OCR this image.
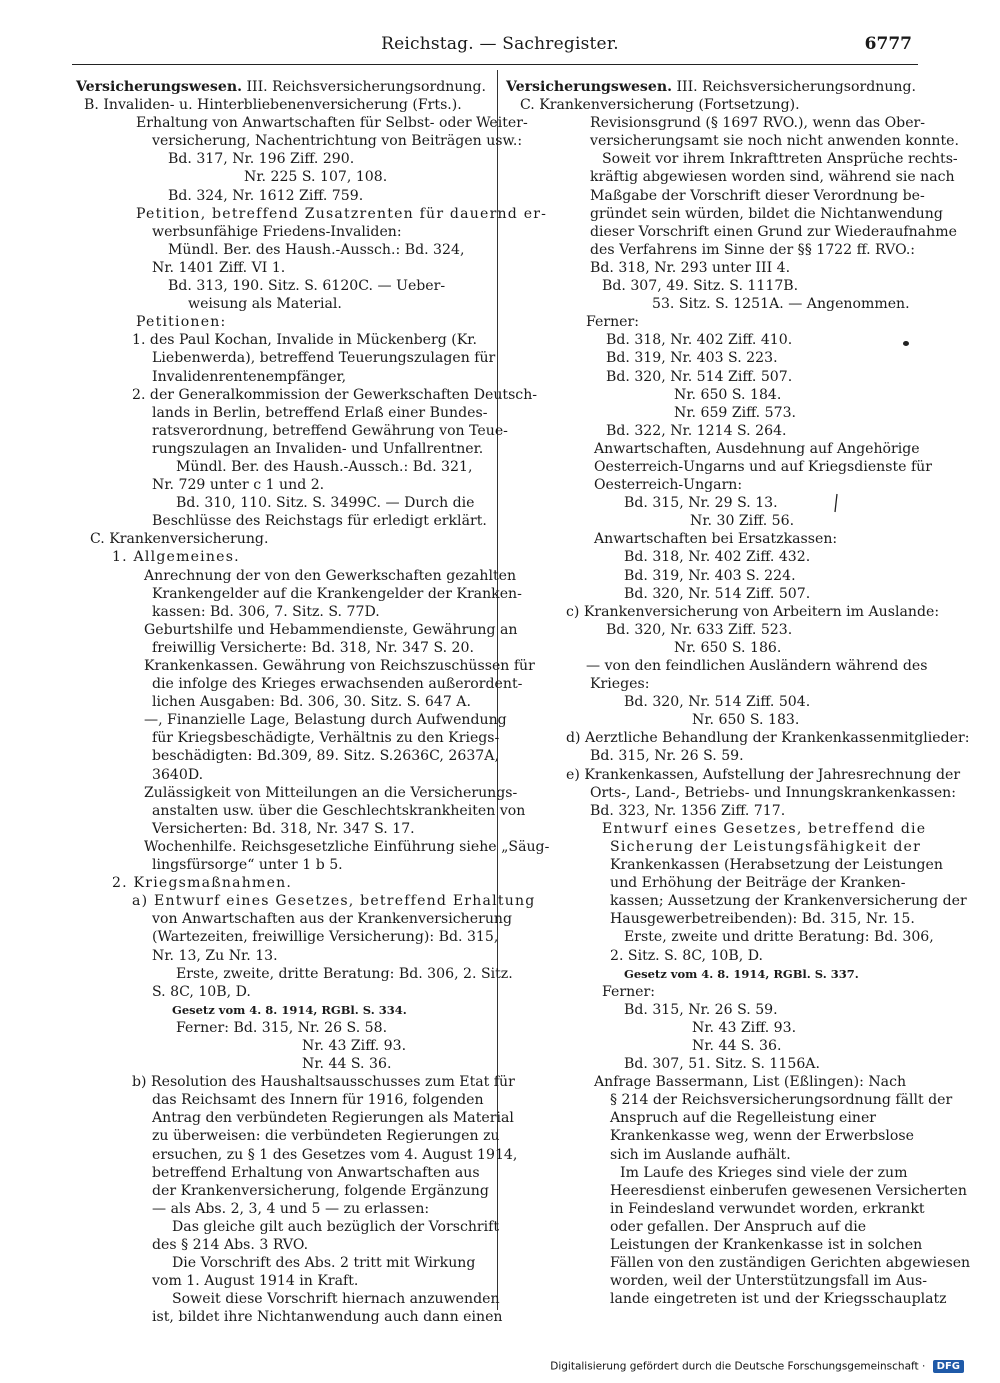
Reichstag. — Sachregister.	6777
Versicherungswesen. III. Reichsversicherungsordnung.
B. Invaliden- u. Hinterbliebenenversicherung (Frts.).
Erhaltung von Anwartschaften für Selbst- oder Weiter-
versicherung, Nachentrichtung von Beiträgen usw.:
Bd. 317, Nr. 196 Ziff. 290.
Nr. 225 S. 107, 108.
Bd. 324, Nr. 1612 Ziff. 759.
Petition, betreffend Zusatzrenten für dauernd er-
werbsunfähige Friedens-Invaliden:
Mündl. Ber. des Haush.-Aussch.: Bd. 324,
Nr. 1401 Ziff. VI 1.
Bd. 313, 190. Sitz. S. 6120C. — Ueber-
weisung als Material.
Petitionen:
1. des Paul Kochan, Invalide in Mückenberg (Kr.
Liebenwerda), betreffend Teuerungszulagen für
Invalidenrentenempfänger,
2. der Generalkommission der Gewerkschaften Deutsch-
lands in Berlin, betreffend Erlaß einer Bundes-
ratsverordnung, betreffend Gewährung von Teue-
rungszulagen an Invaliden- und Unfallrentner.
Mündl. Ber. des Haush.-Aussch.: Bd. 321,
Nr. 729 unter c 1 und 2.
Bd. 310, 110. Sitz. S. 3499C. — Durch die
Beschlüsse des Reichstags für erledigt erklärt.
C. Krankenversicherung.
1. Allgemeines.
Anrechnung der von den Gewerkschaften gezahlten
Krankengelder auf die Krankengelder der Kranken-
kassen: Bd. 306, 7. Sitz. S. 77D.
Geburtshilfe und Hebammendienste, Gewährung an
freiwillig Versicherte: Bd. 318, Nr. 347 S. 20.
Krankenkassen. Gewährung von Reichszuschüssen für
die infolge des Krieges erwachsenden außerordent-
lichen Ausgaben: Bd. 306, 30. Sitz. S. 647 A.
—, Finanzielle Lage, Belastung durch Aufwendung
für Kriegsbeschädigte, Verhältnis zu den Kriegs-
beschädigten: Bd.309, 89. Sitz. S.2636C, 2637A,
3640D.
Zulässigkeit von Mitteilungen an die Versicherungs-
anstalten usw. über die Geschlechtskrankheiten von
Versicherten: Bd. 318, Nr. 347 S. 17.
Wochenhilfe. Reichsgesetzliche Einführung siehe „Säug-
lingsfürsorge“ unter 1 b 5.
2. Kriegsmaßnahmen.
a) Entwurf eines Gesetzes, betreffend Erhaltung
von Anwartschaften aus der Krankenversicherung
(Wartezeiten, freiwillige Versicherung): Bd. 315,
Nr. 13, Zu Nr. 13.
Erste, zweite, dritte Beratung: Bd. 306, 2. Sitz.
S. 8C, 10B, D.
Gesetz vom 4. 8. 1914, RGBl. S. 334.
Ferner: Bd. 315, Nr. 26 S. 58.
Nr. 43 Ziff. 93.
Nr. 44 S. 36.
b) Resolution des Haushaltsausschusses zum Etat für
das Reichsamt des Innern für 1916, folgenden
Antrag den verbündeten Regierungen als Material
zu überweisen: die verbündeten Regierungen zu
ersuchen, zu § 1 des Gesetzes vom 4. August 1914,
betreffend Erhaltung von Anwartschaften aus
der Krankenversicherung, folgende Ergänzung
— als Abs. 2, 3, 4 und 5 — zu erlassen:
Das gleiche gilt auch bezüglich der Vorschrift
des § 214 Abs. 3 RVO.
Die Vorschrift des Abs. 2 tritt mit Wirkung
vom 1. August 1914 in Kraft.
Soweit diese Vorschrift hiernach anzuwenden
ist, bildet ihre Nichtanwendung auch dann einen
Versicherungswesen. III. Reichsversicherungsordnung.
C. Krankenversicherung (Fortsetzung).
Revisionsgrund (§ 1697 RVO.), wenn das Ober-
versicherungsamt sie noch nicht anwenden konnte.
Soweit vor ihrem Inkrafttreten Ansprüche rechts-
kräftig abgewiesen worden sind, während sie nach
Maßgabe der Vorschrift dieser Verordnung be-
gründet sein würden, bildet die Nichtanwendung
dieser Vorschrift einen Grund zur Wiederaufnahme
des Verfahrens im Sinne der §§ 1722 ff. RVO.:
Bd. 318, Nr. 293 unter III 4.
Bd. 307, 49. Sitz. S. 1117B.
53. Sitz. S. 1251A. — Angenommen.
Ferner:
Bd. 318, Nr. 402 Ziff. 410.
Bd. 319, Nr. 403 S. 223.
Bd. 320, Nr. 514 Ziff. 507.
Nr. 650 S. 184.
Nr. 659 Ziff. 573.
Bd. 322, Nr. 1214 S. 264.
Anwartschaften, Ausdehnung auf Angehörige
Oesterreich-Ungarns und auf Kriegsdienste für
Oesterreich-Ungarn:
Bd. 315, Nr. 29 S. 13.
Nr. 30 Ziff. 56.
Anwartschaften bei Ersatzkassen:
Bd. 318, Nr. 402 Ziff. 432.
Bd. 319, Nr. 403 S. 224.
Bd. 320, Nr. 514 Ziff. 507.
c) Krankenversicherung von Arbeitern im Auslande:
Bd. 320, Nr. 633 Ziff. 523.
Nr. 650 S. 186.
— von den feindlichen Ausländern während des
Krieges:
Bd. 320, Nr. 514 Ziff. 504.
Nr. 650 S. 183.
d) Aerztliche Behandlung der Krankenkassenmitglieder:
Bd. 315, Nr. 26 S. 59.
e) Krankenkassen, Aufstellung der Jahresrechnung der
Orts-, Land-, Betriebs- und Innungskrankenkassen:
Bd. 323, Nr. 1356 Ziff. 717.
Entwurf eines Gesetzes, betreffend die
Sicherung der Leistungsfähigkeit der
Krankenkassen (Herabsetzung der Leistungen
und Erhöhung der Beiträge der Kranken-
kassen; Aussetzung der Krankenversicherung der
Hausgewerbetreibenden): Bd. 315, Nr. 15.
Erste, zweite und dritte Beratung: Bd. 306,
2. Sitz. S. 8C, 10B, D.
Gesetz vom 4. 8. 1914, RGBl. S. 337.
Ferner:
Bd. 315, Nr. 26 S. 59.
Nr. 43 Ziff. 93.
Nr. 44 S. 36.
Bd. 307, 51. Sitz. S. 1156A.
Anfrage Bassermann, List (Eßlingen): Nach
§ 214 der Reichsversicherungsordnung fällt der
Anspruch auf die Regelleistung einer
Krankenkasse weg, wenn der Erwerbslose
sich im Auslande aufhält.
Im Laufe des Krieges sind viele der zum
Heeresdienst einberufen gewesenen Versicherten
in Feindesland verwundet worden, erkrankt
oder gefallen. Der Anspruch auf die
Leistungen der Krankenkasse ist in solchen
Fällen von den zuständigen Gerichten abgewiesen
worden, weil der Unterstützungsfall im Aus-
lande eingetreten ist und der Kriegsschauplatz
Digitalisierung gefördert durch die Deutsche Forschungsgemeinschaft · DFG
